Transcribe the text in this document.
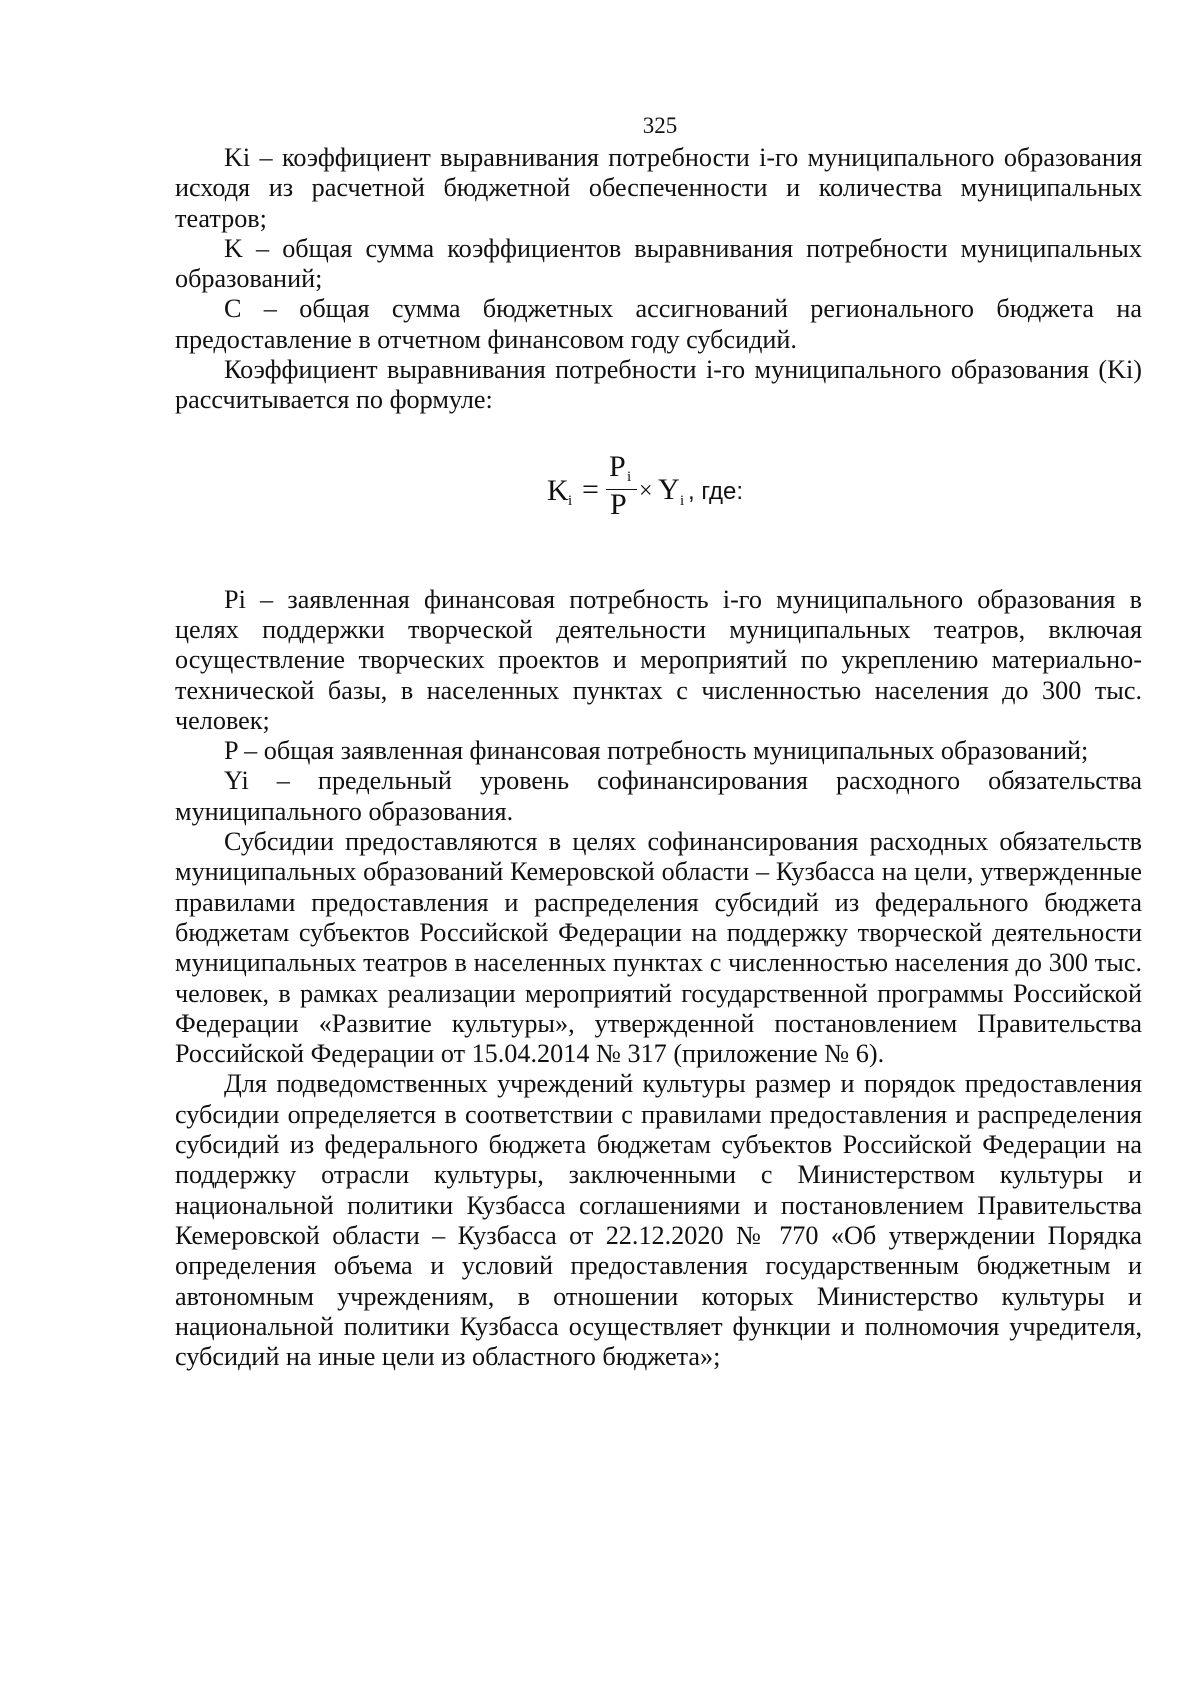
325

Ki – коэффициент выравнивания потребности i-го муниципального образования исходя из расчетной бюджетной обеспеченности и количества муниципальных театров;

K – общая сумма коэффициентов выравнивания потребности муниципальных образований;

C – общая сумма бюджетных ассигнований регионального бюджета на предоставление в отчетном финансовом году субсидий.

Коэффициент выравнивания потребности i-го муниципального образования (Ki) рассчитывается по формуле:

K i =
P i
P × Y i , где:

Pi – заявленная финансовая потребность i-го муниципального образования в целях поддержки творческой деятельности муниципальных театров, включая осуществление творческих проектов и мероприятий по укреплению материально-технической базы, в населенных пунктах с численностью населения до 300 тыс. человек;

P – общая заявленная финансовая потребность муниципальных образований;

Yi – предельный уровень софинансирования расходного обязательства муниципального образования.

Субсидии предоставляются в целях софинансирования расходных обязательств муниципальных образований Кемеровской области – Кузбасса на цели, утвержденные правилами предоставления и распределения субсидий из федерального бюджета бюджетам субъектов Российской Федерации на поддержку творческой деятельности муниципальных театров в населенных пунктах с численностью населения до 300 тыс. человек, в рамках реализации мероприятий государственной программы Российской Федерации «Развитие культуры», утвержденной постановлением Правительства Российской Федерации от 15.04.2014 № 317 (приложение № 6).

Для подведомственных учреждений культуры размер и порядок предоставления субсидии определяется в соответствии с правилами предоставления и распределения субсидий из федерального бюджета бюджетам субъектов Российской Федерации на поддержку отрасли культуры, заключенными с Министерством культуры и национальной политики Кузбасса соглашениями и постановлением Правительства Кемеровской области – Кузбасса от 22.12.2020 № 770 «Об утверждении Порядка определения объема и условий предоставления государственным бюджетным и автономным учреждениям, в отношении которых Министерство культуры и национальной политики Кузбасса осуществляет функции и полномочия учредителя, субсидий на иные цели из областного бюджета»;
